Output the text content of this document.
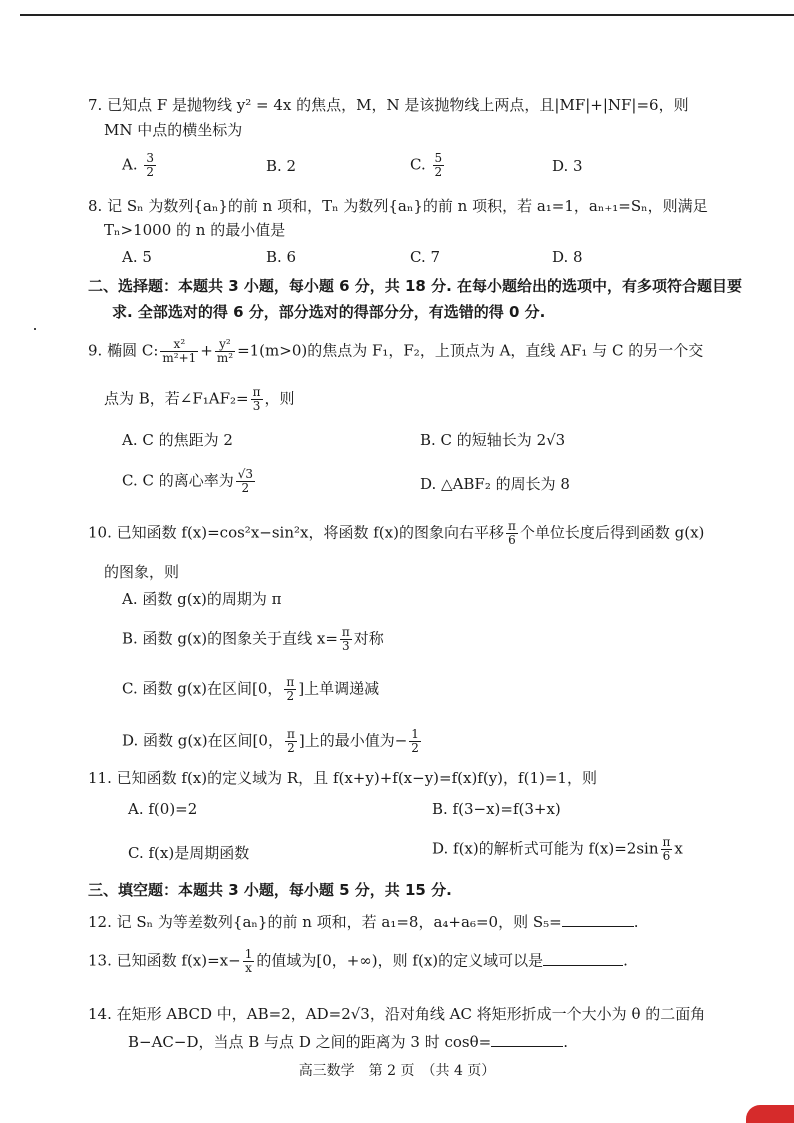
7. 已知点 F 是抛物线 y² = 4x 的焦点，M，N 是该抛物线上两点，且|MF|+|NF|=6，则
MN 中点的横坐标为
A. $\frac{3}{2}$	B. 2	C. $\frac{5}{2}$	D. 3
8. 记 Sₙ 为数列{aₙ}的前 n 项和，Tₙ 为数列{aₙ}的前 n 项积，若 a₁=1，aₙ₊₁=Sₙ，则满足
Tₙ>1000 的 n 的最小值是
A. 5	B. 6	C. 7	D. 8
二、选择题：本题共 3 小题，每小题 6 分，共 18 分. 在每小题给出的选项中，有多项符合题目要
求. 全部选对的得 6 分，部分选对的得部分分，有选错的得 0 分.
9. 椭圆 C: $\frac{\text{x²}}{\text{m²+1}} + \frac{\text{y²}}{\text{m²}} =1(m>0)$的焦点为 F₁，F₂，上顶点为 A，直线 AF₁ 与 C 的另一个交
点为 B，若∠F₁AF₂= $\frac{\pi}{3}$ ，则
A. C 的焦距为 2	B. C 的短轴长为 2√3
C. C 的离心率为 $\frac{√3}{2}$	D. △ABF₂ 的周长为 8
10. 已知函数 f(x)=cos²x−sin²x，将函数 f(x)的图象向右平移 $\frac{\pi}{6}$ 个单位长度后得到函数 g(x)
的图象，则
A. 函数 g(x)的周期为 π
B. 函数 g(x)的图象关于直线 $x= \frac{\pi}{3}$ 对称
C. 函数 g(x)在区间[0， $\frac{\pi}{2}$ ]上单调递减
D. 函数 g(x)在区间[0， $\frac{\pi}{2}$ ]上的最小值为− $\frac{1}{2}$
11. 已知函数 f(x)的定义域为 R，且 f(x+y)+f(x−y)=f(x)f(y)，f(1)=1，则
A. f(0)=2	B. f(3−x)=f(3+x)
C. f(x)是周期函数	D. f(x)的解析式可能为 $f(x)=2\sin \frac{\pi}{6}$ x
三、填空题：本题共 3 小题，每小题 5 分，共 15 分.
12. 记 Sₙ 为等差数列{aₙ}的前 n 项和，若 a₁=8，a₄+a₆=0，则 S₅=	.
13. 已知函数 $f(x)=x- \frac{1}{x}$ 的值域为[0，+∞)，则 f(x)的定义域可以是	.
14. 在矩形 ABCD 中，AB=2，AD=2√3，沿对角线 AC 将矩形折成一个大小为 θ 的二面角
B−AC−D，当点 B 与点 D 之间的距离为 3 时 cosθ=	.
高三数学　第 2 页　（共 4 页）
